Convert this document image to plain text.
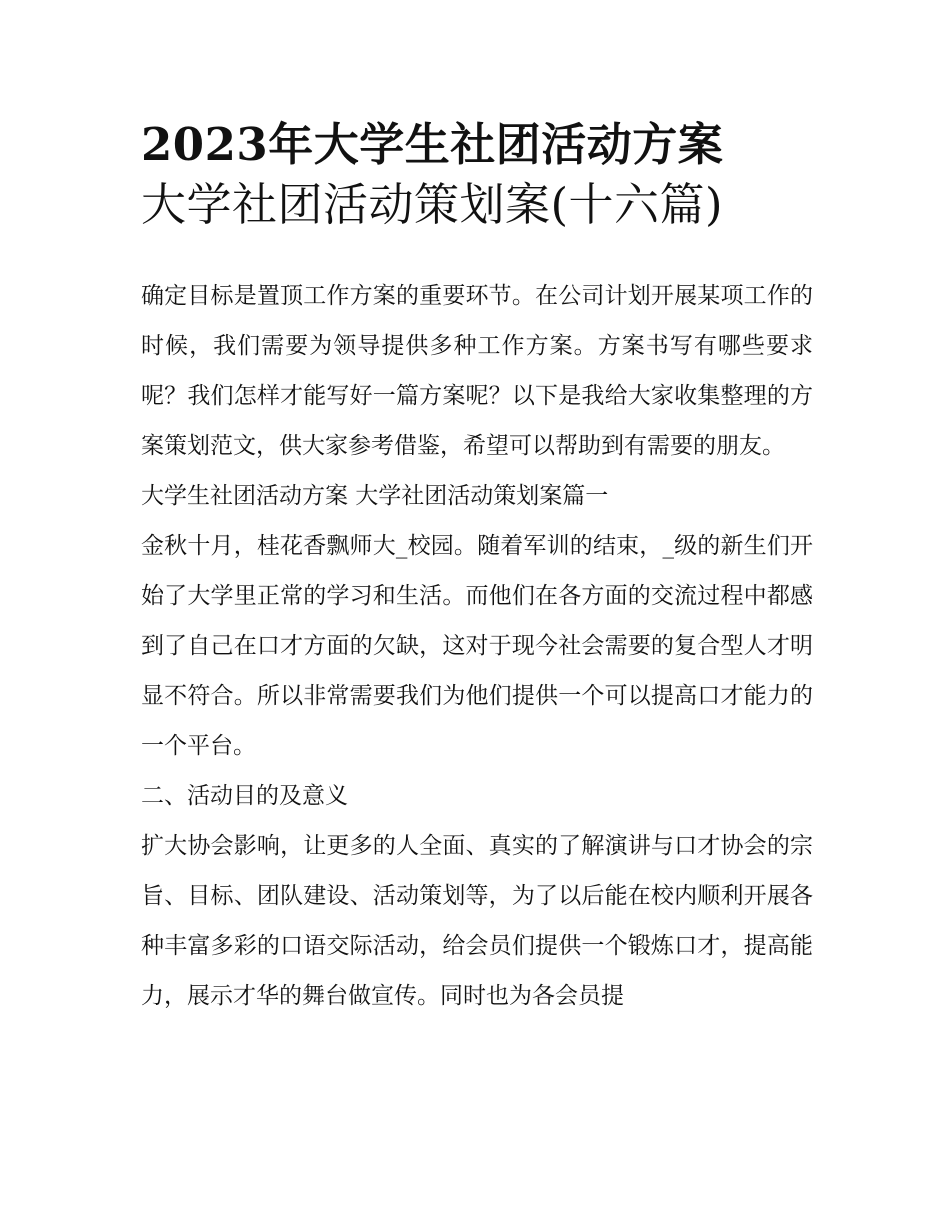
2023年大学生社团活动方案
大学社团活动策划案(十六篇)

确定目标是置顶工作方案的重要环节。在公司计划开展某项工作的时候，我们需要为领导提供多种工作方案。方案书写有哪些要求呢？我们怎样才能写好一篇方案呢？以下是我给大家收集整理的方案策划范文，供大家参考借鉴，希望可以帮助到有需要的朋友。

大学生社团活动方案 大学社团活动策划案篇一

金秋十月，桂花香飘师大_校园。随着军训的结束，_级的新生们开始了大学里正常的学习和生活。而他们在各方面的交流过程中都感到了自己在口才方面的欠缺，这对于现今社会需要的复合型人才明显不符合。所以非常需要我们为他们提供一个可以提高口才能力的一个平台。

二、活动目的及意义

扩大协会影响，让更多的人全面、真实的了解演讲与口才协会的宗旨、目标、团队建设、活动策划等，为了以后能在校内顺利开展各种丰富多彩的口语交际活动，给会员们提供一个锻炼口才，提高能力，展示才华的舞台做宣传。同时也为各会员提
